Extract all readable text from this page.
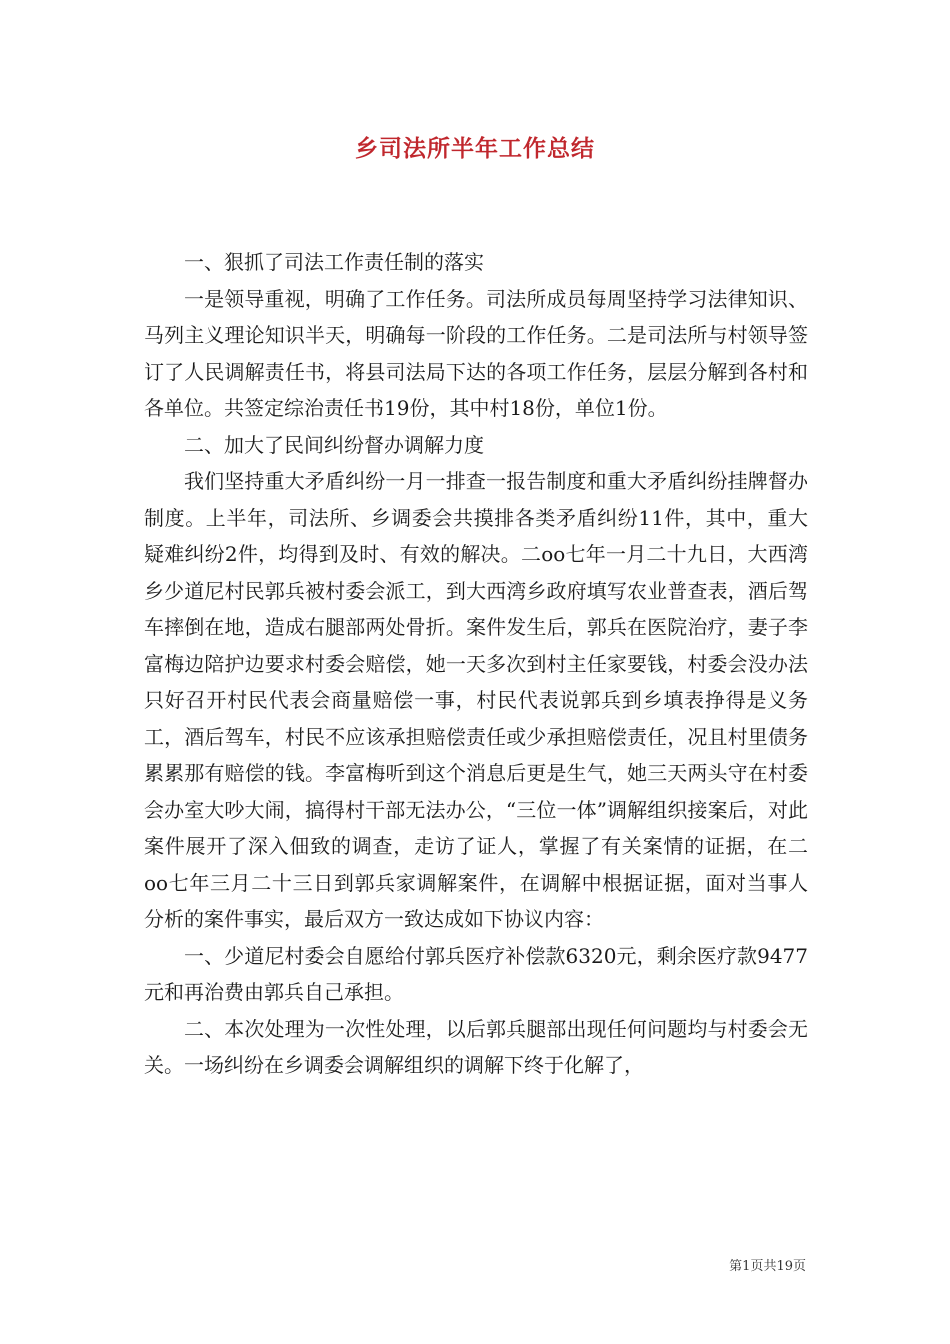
乡司法所半年工作总结

一、狠抓了司法工作责任制的落实

一是领导重视，明确了工作任务。司法所成员每周坚持学习法律知识、马列主义理论知识半天，明确每一阶段的工作任务。二是司法所与村领导签订了人民调解责任书，将县司法局下达的各项工作任务，层层分解到各村和各单位。共签定综治责任书19份，其中村18份，单位1份。

二、加大了民间纠纷督办调解力度

我们坚持重大矛盾纠纷一月一排查一报告制度和重大矛盾纠纷挂牌督办制度。上半年，司法所、乡调委会共摸排各类矛盾纠纷11件，其中，重大疑难纠纷2件，均得到及时、有效的解决。二oo七年一月二十九日，大西湾乡少道尼村民郭兵被村委会派工，到大西湾乡政府填写农业普查表，酒后驾车摔倒在地，造成右腿部两处骨折。案件发生后，郭兵在医院治疗，妻子李富梅边陪护边要求村委会赔偿，她一天多次到村主任家要钱，村委会没办法只好召开村民代表会商量赔偿一事，村民代表说郭兵到乡填表挣得是义务工，酒后驾车，村民不应该承担赔偿责任或少承担赔偿责任，况且村里债务累累那有赔偿的钱。李富梅听到这个消息后更是生气，她三天两头守在村委会办室大吵大闹，搞得村干部无法办公，“三位一体”调解组织接案后，对此案件展开了深入佃致的调查，走访了证人，掌握了有关案情的证据，在二oo七年三月二十三日到郭兵家调解案件，在调解中根据证据，面对当事人分析的案件事实，最后双方一致达成如下协议内容：

一、少道尼村委会自愿给付郭兵医疗补偿款6320元，剩余医疗款9477元和再治费由郭兵自己承担。

二、本次处理为一次性处理，以后郭兵腿部出现任何问题均与村委会无关。一场纠纷在乡调委会调解组织的调解下终于化解了，

第1页共19页
